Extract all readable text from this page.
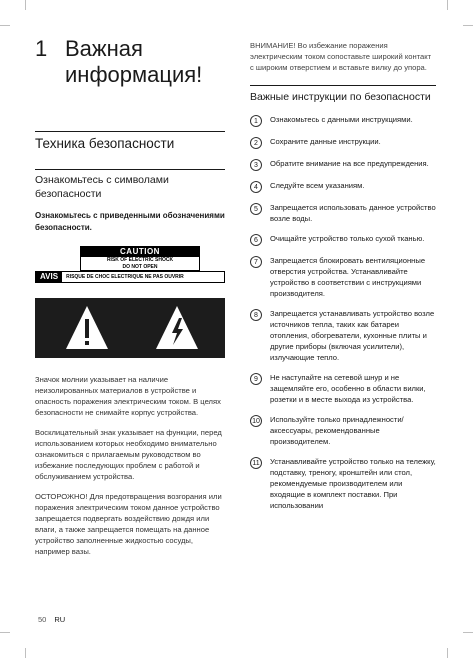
1 Важная информация!
Техника безопасности
Ознакомьтесь с символами безопасности
Ознакомьтесь с приведенными обозначениями безопасности.
CAUTION
RISK OF ELECTRIC SHOCK
DO NOT OPEN
AVIS	RISQUE DE CHOC ELECTRIQUE NE PAS OUVRIR

Значок молнии указывает на наличие неизолированных материалов в устройстве и опасность поражения электрическим током. В целях безопасности не снимайте корпус устройства.

Восклицательный знак указывает на функции, перед использованием которых необходимо внимательно ознакомиться с прилагаемым руководством во избежание последующих проблем с работой и обслуживанием устройства.

ОСТОРОЖНО! Для предотвращения возгорания или поражения электрическим током данное устройство запрещается подвергать воздействию дождя или влаги, а также запрещается помещать на данное устройство заполненные жидкостью сосуды, например вазы.

50 RU
ВНИМАНИЕ! Во избежание поражения электрическим током сопоставьте широкий контакт с широким отверстием и вставьте вилку до упора.
Важные инструкции по безопасности
1	Ознакомьтесь с данными инструкциями.
2	Сохраните данные инструкции.
3	Обратите внимание на все предупреждения.
4	Следуйте всем указаниям.
5	Запрещается использовать данное устройство возле воды.
6	Очищайте устройство только сухой тканью.
7	Запрещается блокировать вентиляционные отверстия устройства. Устанавливайте устройство в соответствии с инструкциями производителя.
8	Запрещается устанавливать устройство возле источников тепла, таких как батареи отопления, обогреватели, кухонные плиты и другие приборы (включая усилители), излучающие тепло.
9	Не наступайте на сетевой шнур и не защемляйте его, особенно в области вилки, розетки и в месте выхода из устройства.
10 Используйте только принадлежности/ аксессуары, рекомендованные производителем.
11	Устанавливайте устройство только на тележку, подставку, треногу, кронштейн или стол, рекомендуемые производителем или входящие в комплект поставки. При использовании
